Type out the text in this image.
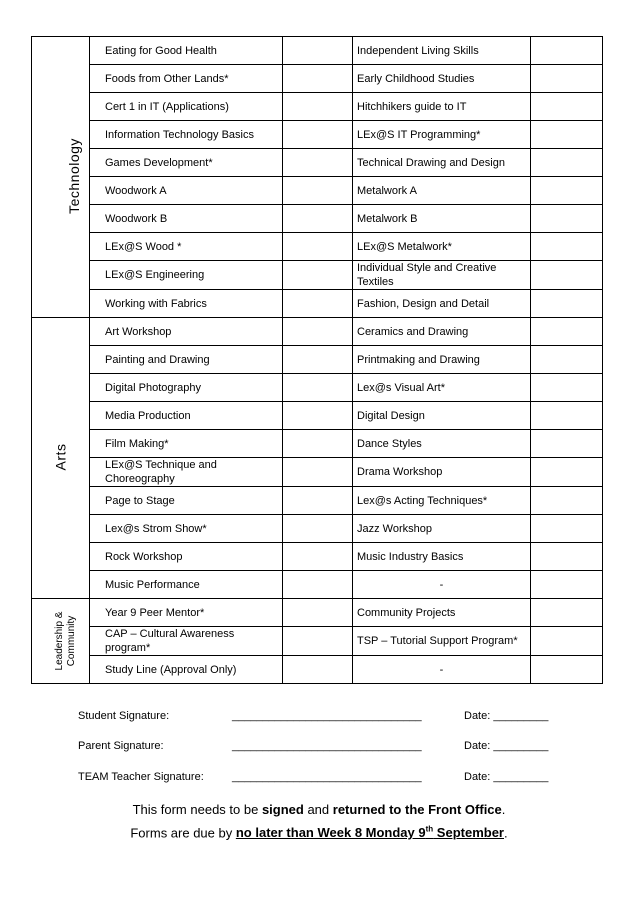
Technology	Eating for Good Health		Independent Living Skills	
	Foods from Other Lands*		Early Childhood Studies	
	Cert 1 in IT (Applications)		Hitchhikers guide to IT	
	Information Technology Basics		LEx@S IT Programming*	
	Games Development*		Technical Drawing and Design	
	Woodwork A		Metalwork A	
	Woodwork B		Metalwork B	
	LEx@S Wood *		LEx@S Metalwork*	
	LEx@S Engineering		Individual Style and Creative Textiles	
	Working with Fabrics		Fashion, Design and Detail	
Arts	Art Workshop		Ceramics and Drawing	
	Painting and Drawing		Printmaking and Drawing	
	Digital Photography		Lex@s Visual Art*	
	Media Production		Digital Design	
	Film Making*		Dance Styles	
	LEx@S Technique and Choreography		Drama Workshop	
	Page to Stage		Lex@s Acting Techniques*	
	Lex@s Strom Show*		Jazz Workshop	
	Rock Workshop		Music Industry Basics	
	Music Performance		-	
Leadership & Community	Year 9 Peer Mentor*		Community Projects	
	CAP – Cultural Awareness program*		TSP – Tutorial Support Program*	
	Study Line (Approval Only)		-	
Student Signature:	_______________________________	Date: _________
Parent Signature:	_______________________________	Date: _________
TEAM Teacher Signature:	_______________________________	Date: _________
This form needs to be signed and returned to the Front Office.
Forms are due by no later than Week 8 Monday 9th September.
